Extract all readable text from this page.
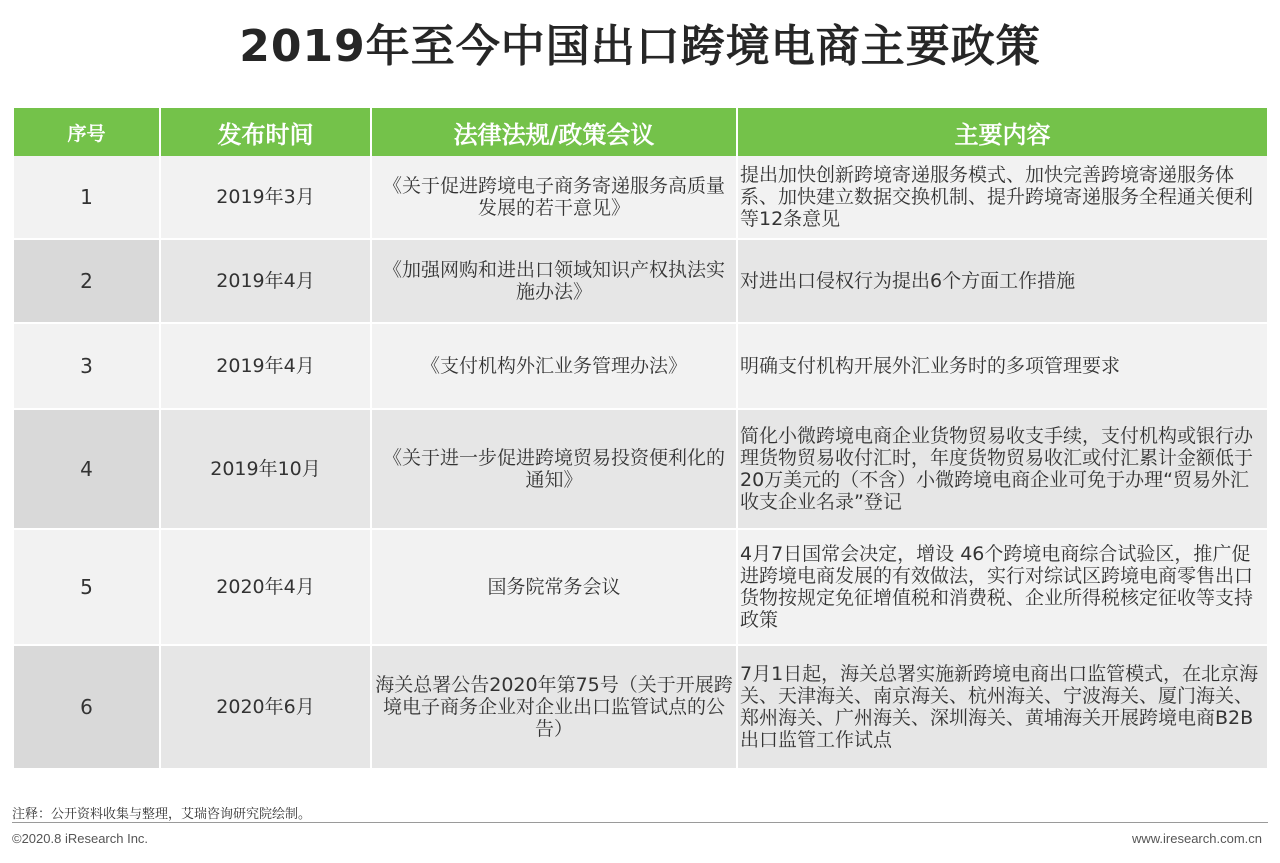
2019年至今中国出口跨境电商主要政策
序号	发布时间	法律法规/政策会议	主要内容
1	2019年3月	《关于促进跨境电子商务寄递服务高质量发展的若干意见》	提出加快创新跨境寄递服务模式、加快完善跨境寄递服务体系、加快建立数据交换机制、提升跨境寄递服务全程通关便利等12条意见
2	2019年4月	《加强网购和进出口领域知识产权执法实施办法》	对进出口侵权行为提出6个方面工作措施
3	2019年4月	《支付机构外汇业务管理办法》	明确支付机构开展外汇业务时的多项管理要求
4	2019年10月	《关于进一步促进跨境贸易投资便利化的通知》	简化小微跨境电商企业货物贸易收支手续，支付机构或银行办理货物贸易收付汇时，年度货物贸易收汇或付汇累计金额低于20万美元的（不含）小微跨境电商企业可免于办理“贸易外汇收支企业名录”登记
5	2020年4月	国务院常务会议	4月7日国常会决定，增设 46个跨境电商综合试验区，推广促进跨境电商发展的有效做法，实行对综试区跨境电商零售出口货物按规定免征增值税和消费税、企业所得税核定征收等支持政策
6	2020年6月	海关总署公告2020年第75号（关于开展跨境电子商务企业对企业出口监管试点的公告）	7月1日起，海关总署实施新跨境电商出口监管模式，在北京海关、天津海关、南京海关、杭州海关、宁波海关、厦门海关、郑州海关、广州海关、深圳海关、黄埔海关开展跨境电商B2B出口监管工作试点
注释：公开资料收集与整理，艾瑞咨询研究院绘制。
©2020.8 iResearch Inc.	www.iresearch.com.cn
